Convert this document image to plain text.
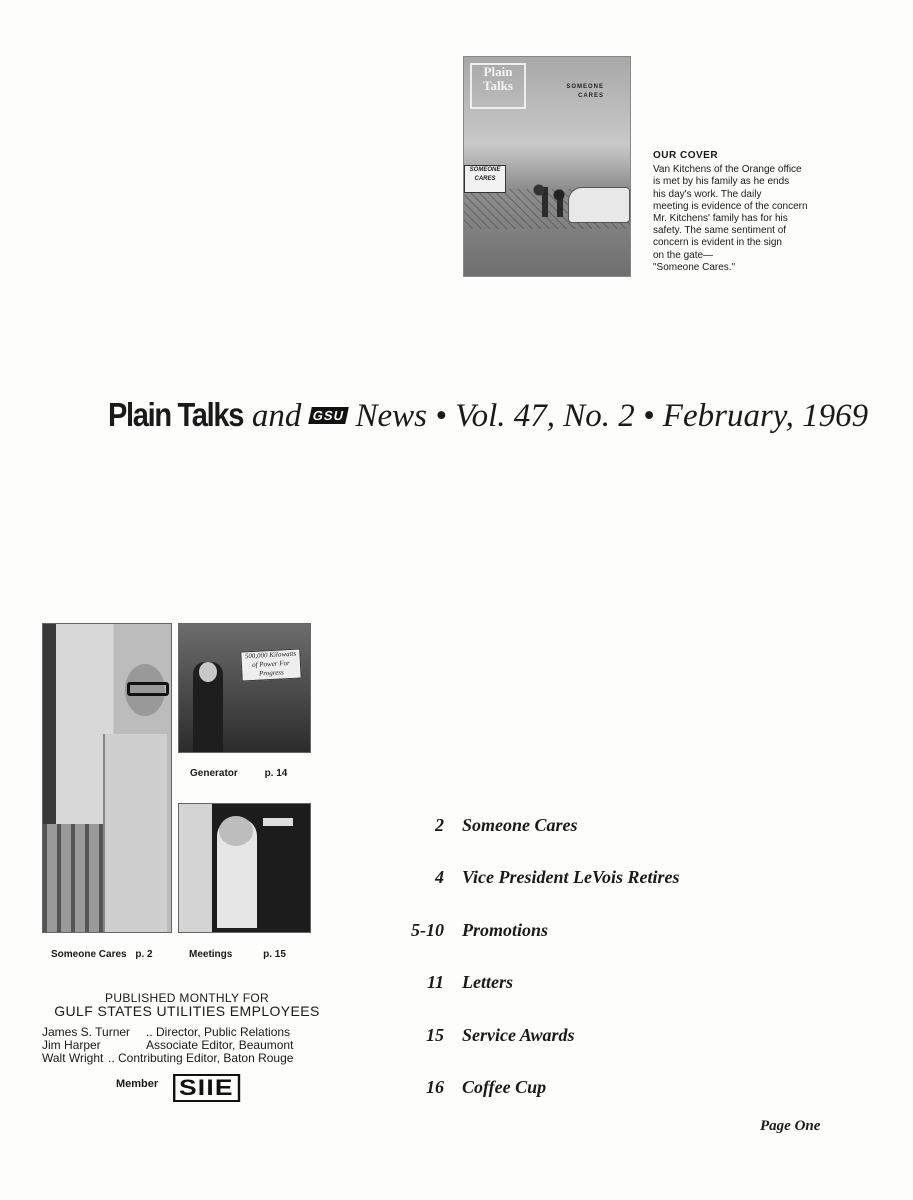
Plain Talks	SOMEONE
CARES
SOMEONE
CARES
OUR COVER
Van Kitchens of the Orange office
is met by his family as he ends
his day's work. The daily
meeting is evidence of the concern
Mr. Kitchens' family has for his
safety. The same sentiment of
concern is evident in the sign
on the gate—
"Someone Cares."
Plain Talks and GSU News • Vol. 47, No. 2 • February, 1969
500,000 Kilowatts of Power For Progress
Generator	p. 14
Someone Cares p. 2	Meetings	p. 15
PUBLISHED MONTHLY FOR
GULF STATES UTILITIES EMPLOYEES
James S. Turner	.. Director, Public Relations
Jim Harper	Associate Editor, Beaumont
Walt Wright .. Contributing Editor, Baton Rouge
Member SIIE
2 Someone Cares
4 Vice President LeVois Retires
5-10 Promotions
11 Letters
15 Service Awards
16 Coffee Cup
Page One
